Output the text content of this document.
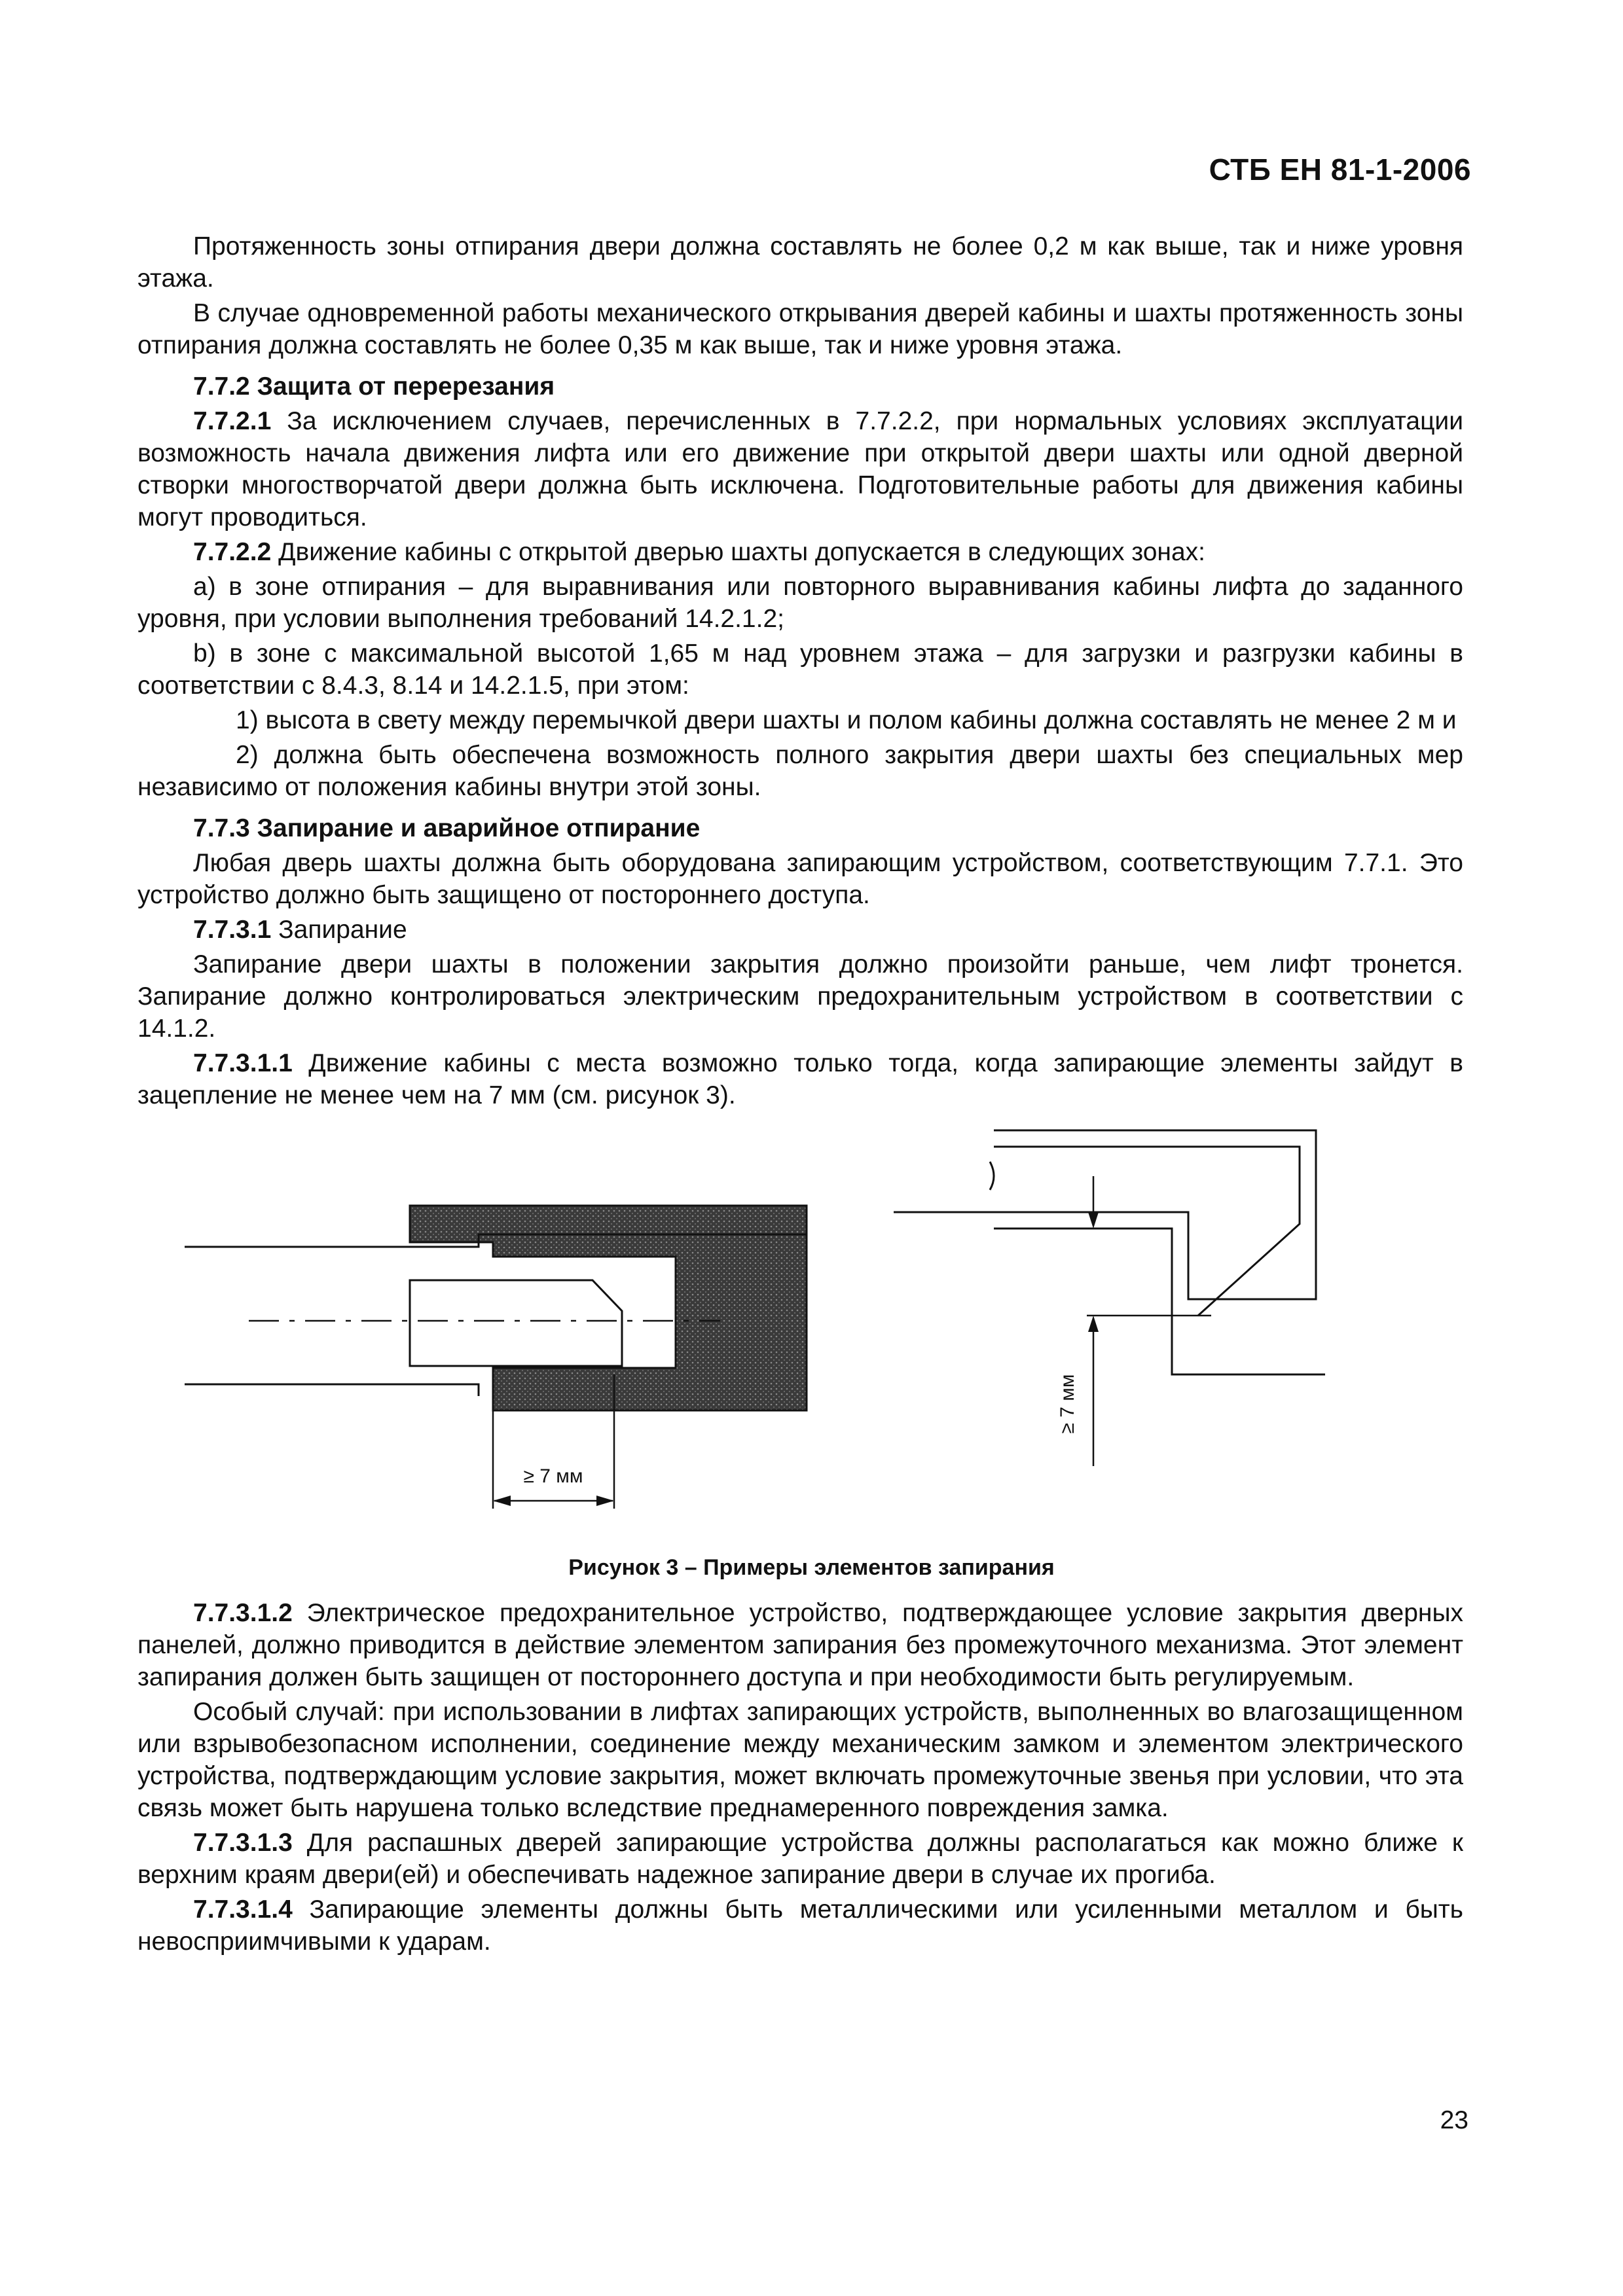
СТБ ЕН 81-1-2006

Протяженность зоны отпирания двери должна составлять не более 0,2 м как выше, так и ниже уровня этажа.

В случае одновременной работы механического открывания дверей кабины и шахты протяженность зоны отпирания должна составлять не более 0,35 м как выше, так и ниже уровня этажа.

7.7.2 Защита от перерезания

7.7.2.1 За исключением случаев, перечисленных в 7.7.2.2, при нормальных условиях эксплуатации возможность начала движения лифта или его движение при открытой двери шахты или одной дверной створки многостворчатой двери должна быть исключена. Подготовительные работы для движения кабины могут проводиться.

7.7.2.2 Движение кабины с открытой дверью шахты допускается в следующих зонах:

а) в зоне отпирания – для выравнивания или повторного выравнивания кабины лифта до заданного уровня, при условии выполнения требований 14.2.1.2;

b) в зоне с максимальной высотой 1,65 м над уровнем этажа – для загрузки и разгрузки кабины в соответствии с 8.4.3, 8.14 и 14.2.1.5, при этом:

1) высота в свету между перемычкой двери шахты и полом кабины должна составлять не менее 2 м и

2) должна быть обеспечена возможность полного закрытия двери шахты без специальных мер независимо от положения кабины внутри этой зоны.

7.7.3 Запирание и аварийное отпирание

Любая дверь шахты должна быть оборудована запирающим устройством, соответствующим 7.7.1. Это устройство должно быть защищено от постороннего доступа.

7.7.3.1 Запирание

Запирание двери шахты в положении закрытия должно произойти раньше, чем лифт тронется. Запирание должно контролироваться электрическим предохранительным устройством в соответствии с 14.1.2.

7.7.3.1.1 Движение кабины с места возможно только тогда, когда запирающие элементы зайдут в зацепление не менее чем на 7 мм (см. рисунок 3).

≥ 7 мм
≥ 7 мм
Рисунок 3 – Примеры элементов запирания

7.7.3.1.2 Электрическое предохранительное устройство, подтверждающее условие закрытия дверных панелей, должно приводится в действие элементом запирания без промежуточного механизма. Этот элемент запирания должен быть защищен от постороннего доступа и при необходимости быть регулируемым.

Особый случай: при использовании в лифтах запирающих устройств, выполненных во влагозащищенном или взрывобезопасном исполнении, соединение между механическим замком и элементом электрического устройства, подтверждающим условие закрытия, может включать промежуточные звенья при условии, что эта связь может быть нарушена только вследствие преднамеренного повреждения замка.

7.7.3.1.3 Для распашных дверей запирающие устройства должны располагаться как можно ближе к верхним краям двери(ей) и обеспечивать надежное запирание двери в случае их прогиба.

7.7.3.1.4 Запирающие элементы должны быть металлическими или усиленными металлом и быть невосприимчивыми к ударам.

23
